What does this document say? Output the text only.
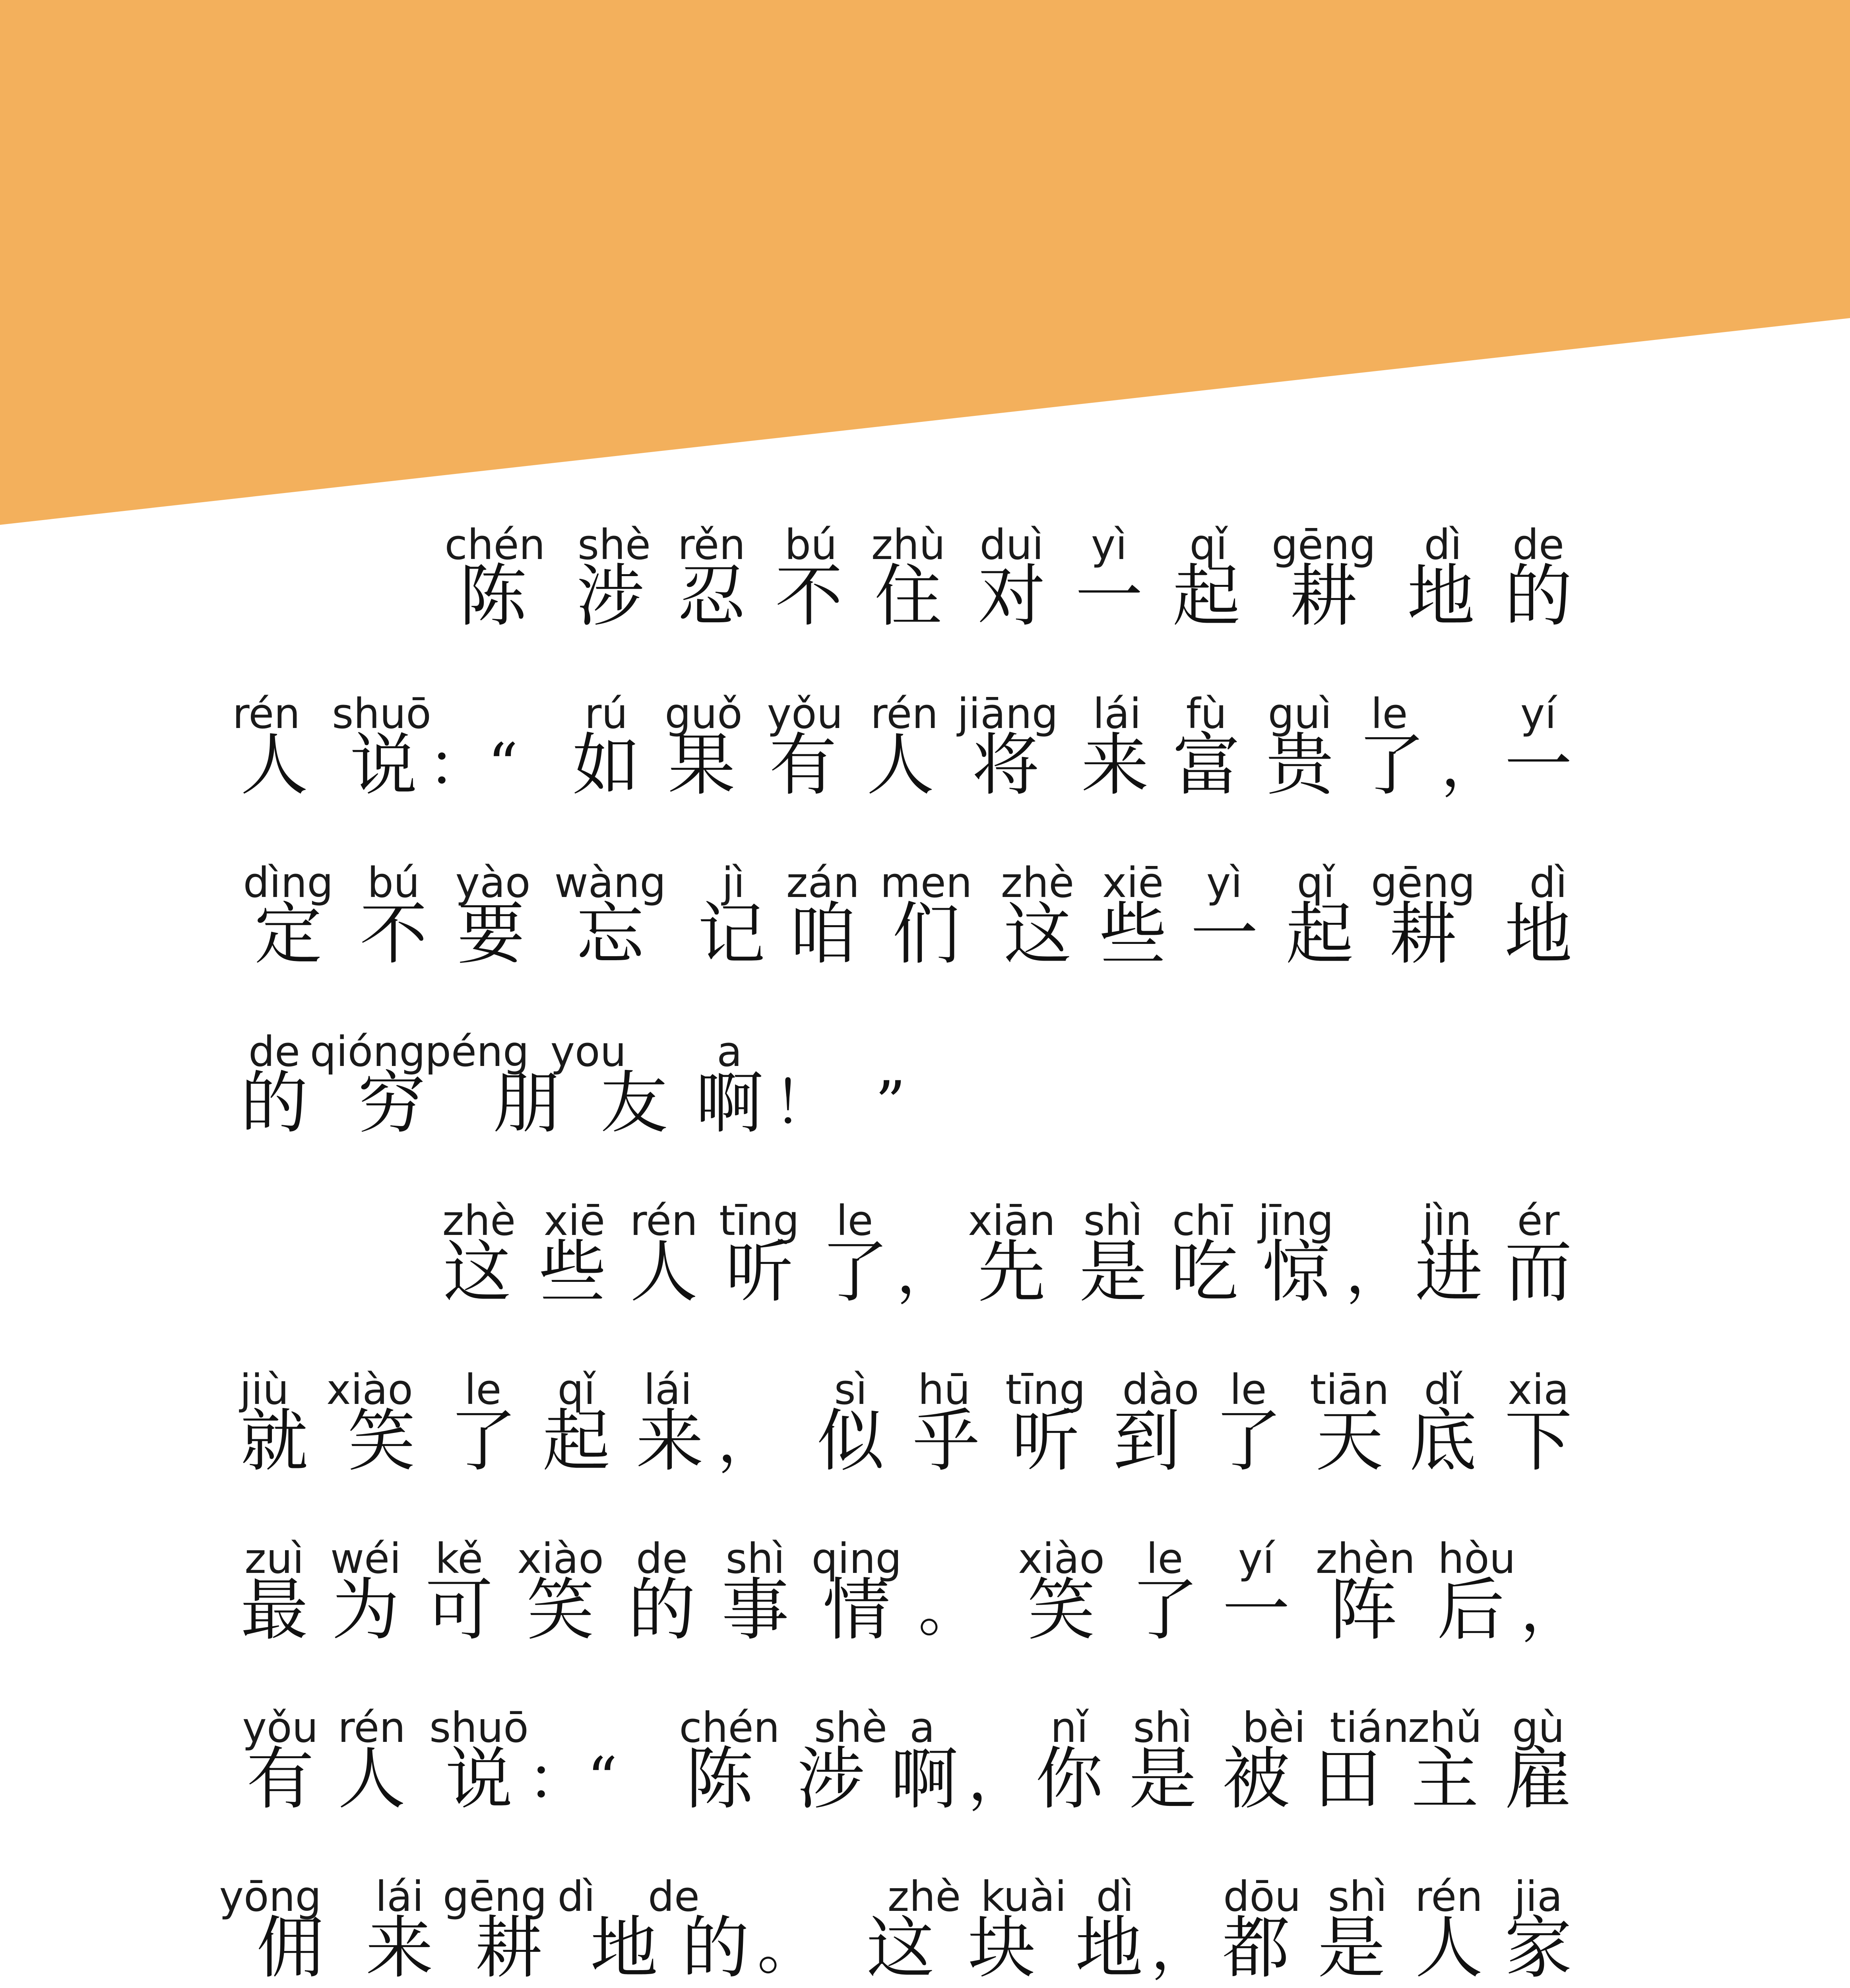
chén shè rěn bú zhù duì yì qǐ gēng dì de
陈 涉 忍 不 住 对 一 起 耕 地 的
rén shuō	rú guǒ yǒu rén jiāng lái fù guì le	yí
人 说 ：“ 如 果 有 人 将 来 富 贵 了 ， 一
dìng bú yào wàng jì zán men zhè xiē yì qǐ gēng dì
定 不 要 忘 记 咱 们 这 些 一 起 耕 地
de qióng
péng you a
的 穷 朋 友 啊 ！ ”
zhè xiē rén tīng le xiān shì chī jīng jìn ér
这 些 人 听 了 ， 先 是 吃 惊 ， 进 而
jiù xiào le qǐ lái	sì hū tīng dào le tiān dǐ xia
就 笑 了 起 来 ， 似 乎 听 到 了 天 底 下
zuì wéi kě xiào de shì qing	xiào le yí zhèn hòu
最 为 可 笑 的 事 情 。 笑 了 一 阵 后 ，
yǒu rén shuō	chén shè a	nǐ shì bèi tián
zhǔ gù
有 人 说 ：“ 陈 涉 啊 ， 你 是 被 田 主 雇
yōng lái gēng dì de	zhè kuài dì dōu shì rén jia
佣 来 耕 地 的 。 这 块 地 ， 都 是 人 家
